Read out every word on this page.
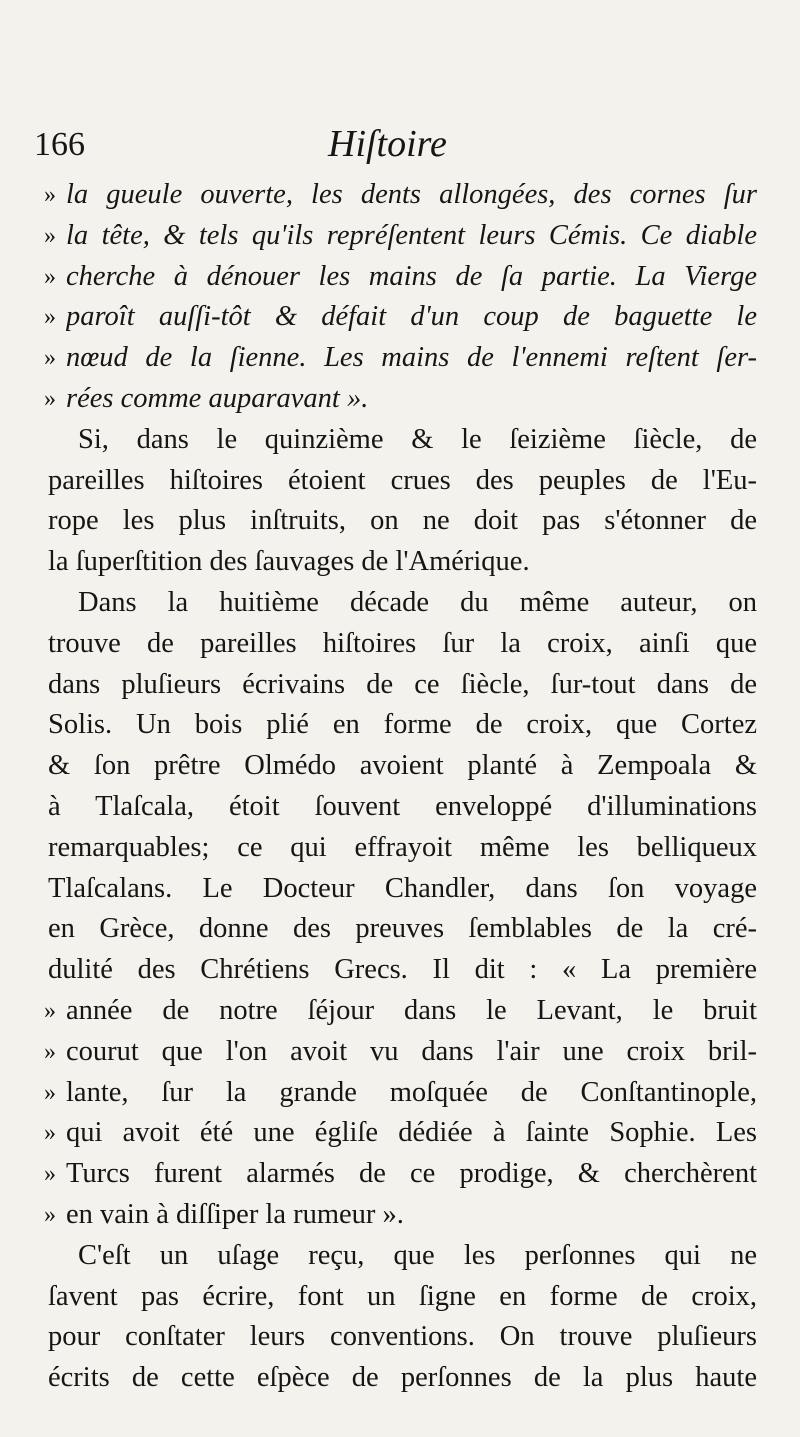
166	Hiſtoire
» la gueule ouverte, les dents allongées, des cornes ſur
» la tête, & tels qu'ils repréſentent leurs Cémis. Ce diable
» cherche à dénouer les mains de ſa partie. La Vierge
» paroît auſſi-tôt & défait d'un coup de baguette le
» nœud de la ſienne. Les mains de l'ennemi reſtent ſer-
» rées comme auparavant ».
Si, dans le quinzième & le ſeizième ſiècle, de
pareilles hiſtoires étoient crues des peuples de l'Eu-
rope les plus inſtruits, on ne doit pas s'étonner de
la ſuperſtition des ſauvages de l'Amérique.
Dans la huitième décade du même auteur, on
trouve de pareilles hiſtoires ſur la croix, ainſi que
dans pluſieurs écrivains de ce ſiècle, ſur-tout dans de
Solis. Un bois plié en forme de croix, que Cortez
& ſon prêtre Olmédo avoient planté à Zempoala &
à Tlaſcala, étoit ſouvent enveloppé d'illuminations
remarquables; ce qui effrayoit même les belliqueux
Tlaſcalans. Le Docteur Chandler, dans ſon voyage
en Grèce, donne des preuves ſemblables de la cré-
dulité des Chrétiens Grecs. Il dit : « La première
» année de notre ſéjour dans le Levant, le bruit
» courut que l'on avoit vu dans l'air une croix bril-
» lante, ſur la grande moſquée de Conſtantinople,
» qui avoit été une égliſe dédiée à ſainte Sophie. Les
» Turcs furent alarmés de ce prodige, & cherchèrent
» en vain à diſſiper la rumeur ».
C'eſt un uſage reçu, que les perſonnes qui ne
ſavent pas écrire, font un ſigne en forme de croix,
pour conſtater leurs conventions. On trouve pluſieurs
écrits de cette eſpèce de perſonnes de la plus haute
